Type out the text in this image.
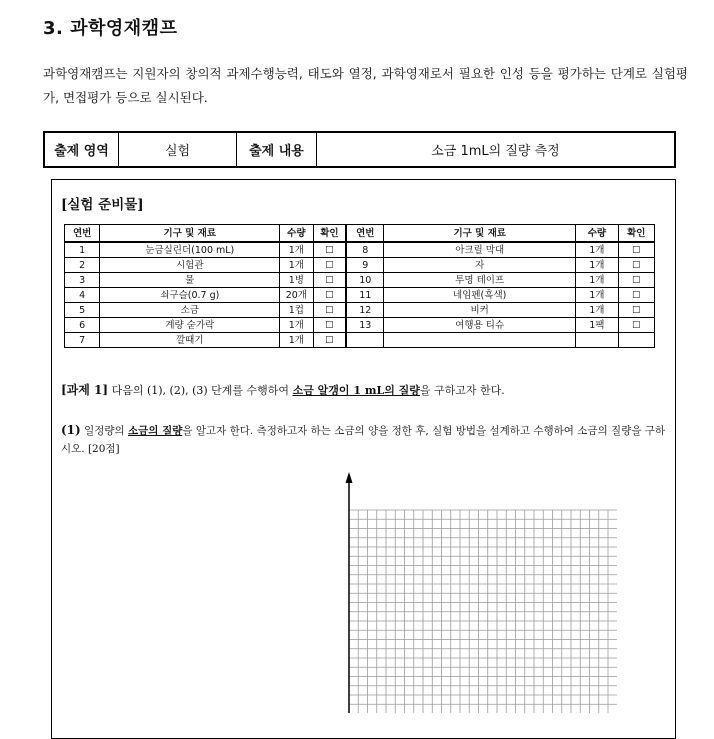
3. 과학영재캠프
과학영재캠프는 지원자의 창의적 과제수행능력, 태도와 열정, 과학영재로서 필요한 인성 등을 평가하는 단계로 실험평가, 면접평가 등으로 실시된다.
출제 영역	실험	출제 내용	소금 1mL의 질량 측정
[실험 준비물]
연번	기구 및 재료	수량	확인	연번	기구 및 재료	수량	확인
1	눈금실린더(100 mL)	1개	☐	8	아크릴 막대	1개	☐
2	시험관	1개	☐	9	자	1개	☐
3	물	1병	☐	10	투명 테이프	1개	☐
4	쇠구슬(0.7 g)	20개	☐	11	네임펜(흑색)	1개	☐
5	소금	1컵	☐	12	비커	1개	☐
6	계량 숟가락	1개	☐	13	여행용 티슈	1팩	☐
7	깔때기	1개	☐				
[과제 1] 다음의 (1), (2), (3) 단계를 수행하여 소금 알갱이 1 mL의 질량을 구하고자 한다.
(1) 일정량의 소금의 질량을 알고자 한다. 측정하고자 하는 소금의 양을 정한 후, 실험 방법을 설계하고 수행하여 소금의 질량을 구하시오. [20점]
